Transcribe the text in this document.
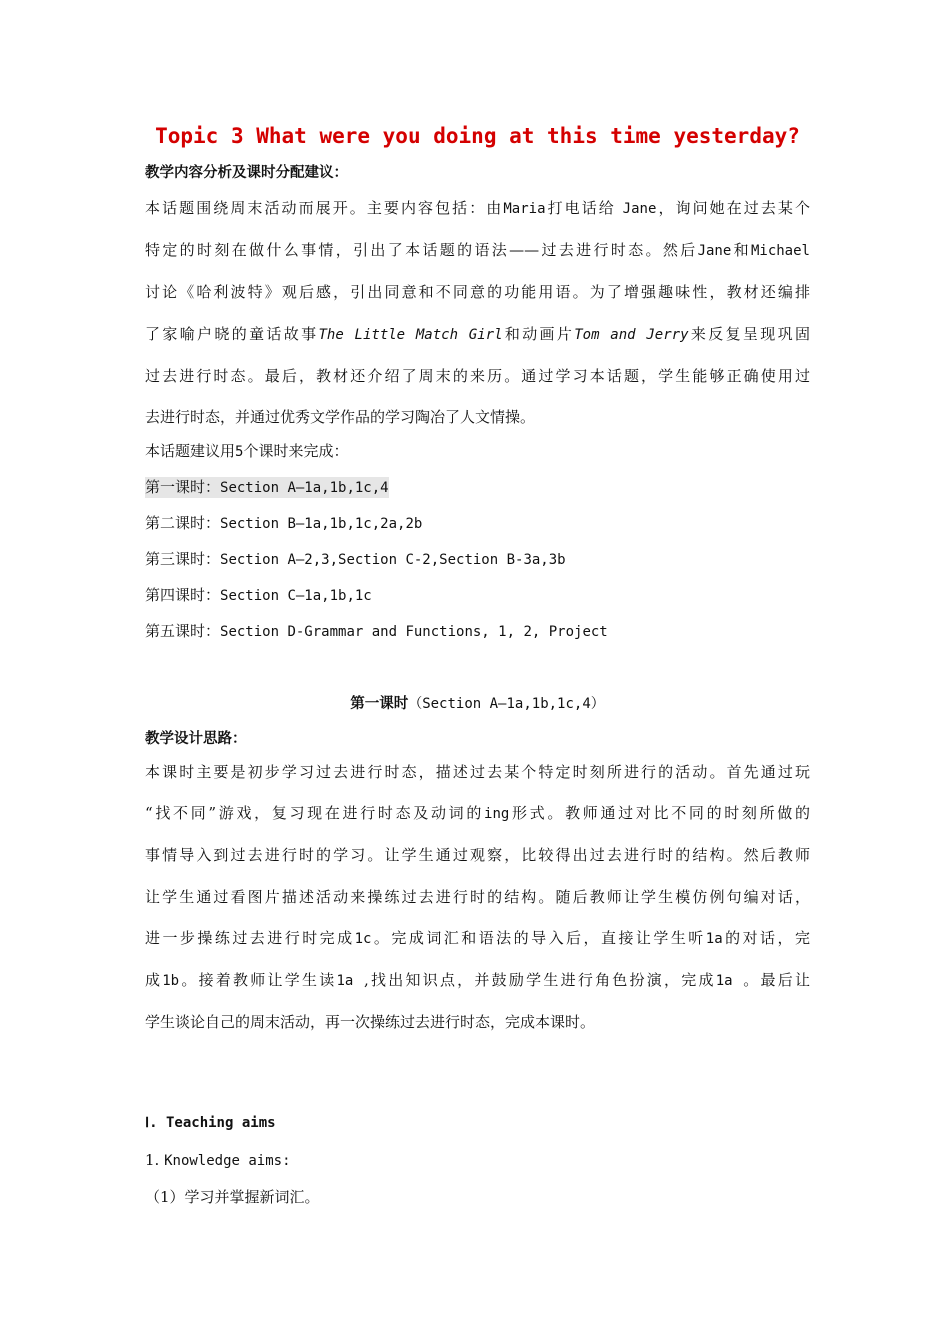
Topic 3 What were you doing at this time yesterday?
教学内容分析及课时分配建议：
本话题围绕周末活动而展开。主要内容包括：由Maria打电话给 Jane，询问她在过去某个
特定的时刻在做什么事情，引出了本话题的语法——过去进行时态。然后Jane和Michael
讨论《哈利波特》观后感，引出同意和不同意的功能用语。为了增强趣味性，教材还编排
了家喻户晓的童话故事The Little Match Girl和动画片Tom and Jerry来反复呈现巩固
过去进行时态。最后，教材还介绍了周末的来历。通过学习本话题，学生能够正确使用过
去进行时态，并通过优秀文学作品的学习陶冶了人文情操。
本话题建议用5个课时来完成：
第一课时：Section A—1a,1b,1c,4
第二课时：Section B—1a,1b,1c,2a,2b
第三课时：Section A—2,3,Section C-2,Section B-3a,3b
第四课时：Section C—1a,1b,1c
第五课时：Section D-Grammar and Functions, 1, 2, Project
第一课时（Section A—1a,1b,1c,4）
教学设计思路：
本课时主要是初步学习过去进行时态，描述过去某个特定时刻所进行的活动。首先通过玩
“找不同”游戏，复习现在进行时态及动词的ing形式。教师通过对比不同的时刻所做的
事情导入到过去进行时的学习。让学生通过观察，比较得出过去进行时的结构。然后教师
让学生通过看图片描述活动来操练过去进行时的结构。随后教师让学生模仿例句编对话，
进一步操练过去进行时完成1c。完成词汇和语法的导入后，直接让学生听1a的对话，完
成1b。接着教师让学生读1a ,找出知识点，并鼓励学生进行角色扮演，完成1a 。最后让
学生谈论自己的周末活动，再一次操练过去进行时态，完成本课时。
Ⅰ. Teaching aims
1. Knowledge aims:
（1）学习并掌握新词汇。
